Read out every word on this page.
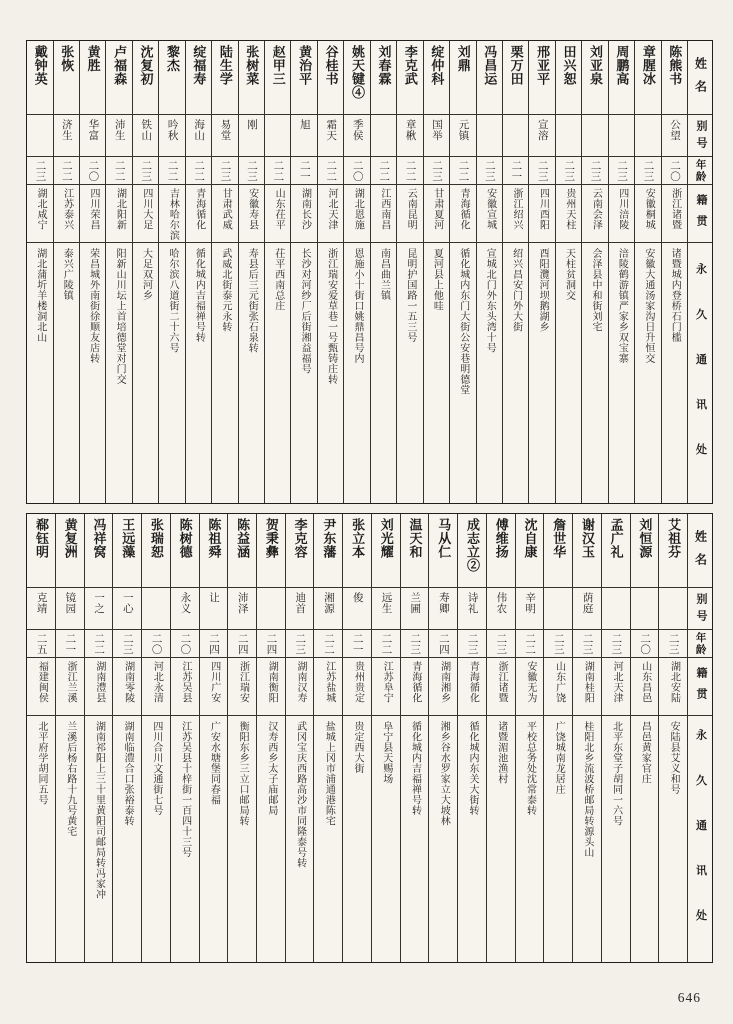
姓名
别号
年龄
籍贯
永久通讯处
陈熊书
公望
二〇
浙江诸暨
诸暨城内登桥石门槛
章腥冰
二三
安徽桐城
安徽大通汤家沟日升恒交
周鹏高
二三
四川涪陵
涪陵鹤游镇严家乡双宝寨
刘亚泉
二三
云南会泽
会泽县中和街刘宅
田兴恕
二三
贵州天柱
天柱贫洞交
邢亚平
宣溶
二三
四川酉阳
酉阳灠河坝鹅湖乡
栗万田
二一
浙江绍兴
绍兴昌安门外大街
冯昌运
二三
安徽宣城
宣城北门外东头湾十号
刘鼎
元镇
二二
青海循化
循化城内东门大街公安巷明德堂
绽仲科
国举
二三
甘肃夏河
夏河县上他哇
李克武
章楸
二二
云南昆明
昆明护国路一五三号
刘春霖
二二
江西南昌
南昌曲兰镇
姚天键④
季侯
二〇
湖北恩施
恩施小十街口姚鼎昌号内
谷桂书
霜天
二二
河北天津
浙江瑞安爱草巷一号甄铸庄转
黄治平
旭
二一
湖南长沙
长沙对河纱厂后街湘益福号
赵甲三
二二
山东茌平
茌平西南总庄
张树菜
刚
二三
安徽寿县
寿县后三元街张石泉转
陆生学
易堂
二三
甘肃武威
武威北街泰元永转
绽福寿
海山
二二
青海循化
循化城内吉福禅号转
黎杰
吟秋
二二
吉林哈尔滨
哈尔滨八道街二十六号
沈复初
铁山
二三
四川大足
大足双河乡
卢福森
沛生
二二
湖北阳新
阳新山川坛上首培德堂对门交
黄胜
华富
二〇
四川荣昌
荣昌城外南街徐顺友店转
张恢
济生
二二
江苏泰兴
泰兴广陵镇
戴钟英
二三
湖北咸宁
湖北蒲圻羊楼洞北山
姓名
别号
年龄
籍贯
永久通讯处
艾祖芬
二三
湖北安陆
安陆县艾义和号
刘恒源
二〇
山东昌邑
昌邑黄家官庄
孟广礼
二三
河北天津
北平东堂子胡同一六号
谢汉玉
荫庭
二三
湖南桂阳
桂阳北乡流波桥邮局转源头山
詹世华
二三
山东广饶
广饶城南龙居庄
沈自康
辛明
二二
安徽无为
平校总务处沈常泰转
傅维扬
伟农
二三
浙江诸暨
诸暨湄池渔村
成志立②
诗礼
二三
青海循化
循化城内东关大街转
马从仁
寿卿
二四
湖南湘乡
湘乡谷水罗家立大坡林
温天和
兰圃
二三
青海循化
循化城内吉福禅号转
刘光耀
远生
二二
江苏阜宁
阜宁县天赐场
张立本
俊
二一
贵州贵定
贵定西大街
尹东藩
湘源
二二
江苏盐城
盐城上冈市浦通港陈宅
李克容
迪首
二三
湖南汉寿
武冈宝庆西路高沙市同隆泰号转
贺秉彝
二四
湖南衡阳
汉寿西乡太子庙邮局
陈益涵
沛泽
二四
浙江瑞安
衡阳东乡三立口邮局转
陈祖舜
让
二四
四川广安
广安水塘堡同春福
陈树德
永义
二〇
江苏吴县
江苏吴县十梓街一百四十三号
张瑞恕
二〇
河北永清
四川合川文通街七号
王远藻
一心
二三
湖南零陵
湖南临澧合口张裕泰转
冯祥窝
一之
二二
湖南澧县
湖南祁阳上三十里黄阳司邮局转冯家冲
黄复洲
镜园
二一
浙江兰溪
兰溪后杨右路十九号黄宅
郗钰明
克靖
二五
福建闽侯
北平府学胡同五号
646
